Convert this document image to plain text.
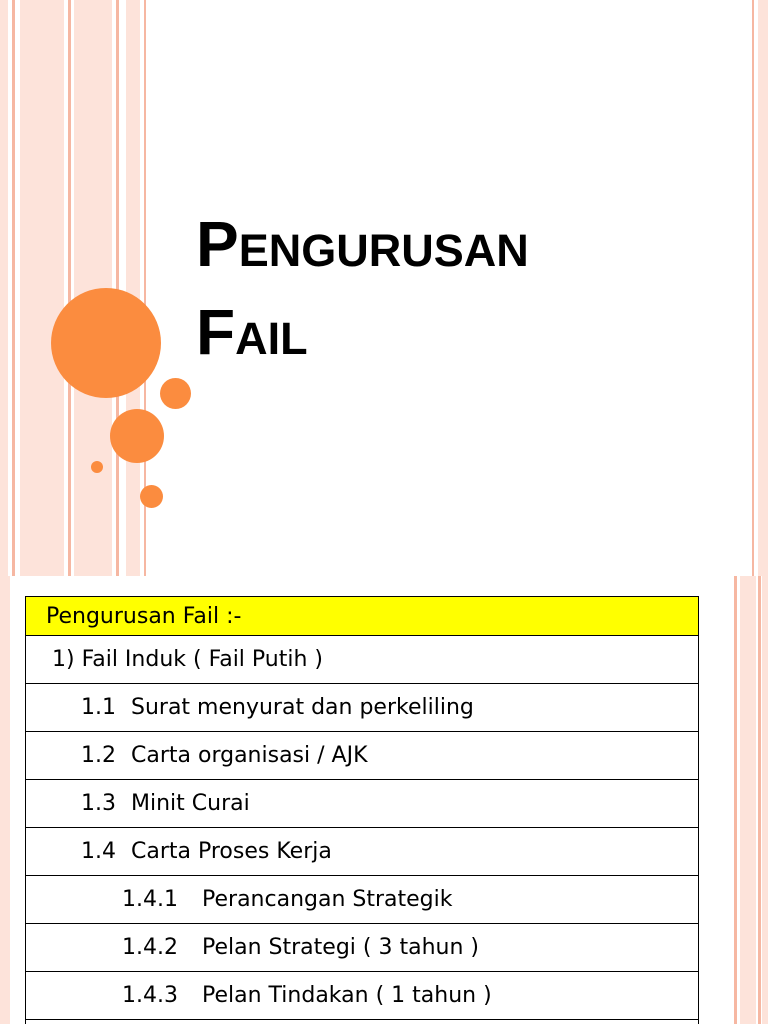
Pengurusan
Fail
Pengurusan Fail :-
1) Fail Induk ( Fail Putih )
1.1 Surat menyurat dan perkeliling
1.2 Carta organisasi / AJK
1.3 Minit Curai
1.4 Carta Proses Kerja
1.4.1 Perancangan Strategik
1.4.2 Pelan Strategi ( 3 tahun )
1.4.3 Pelan Tindakan ( 1 tahun )
